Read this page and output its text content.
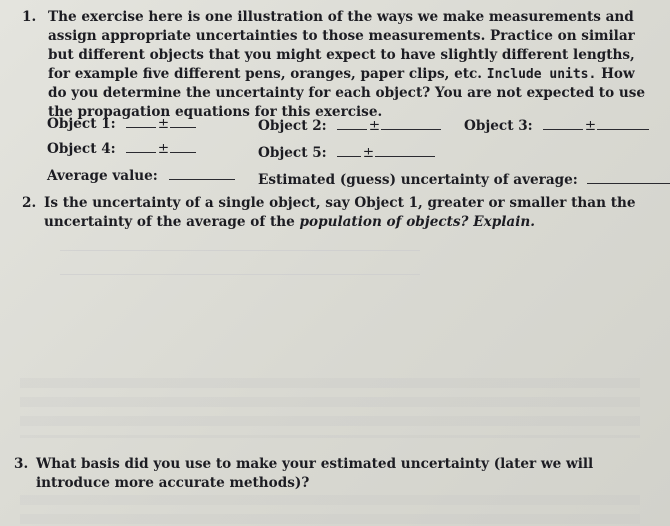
1. The exercise here is one illustration of the ways we make measurements and assign appropriate uncertainties to those measurements. Practice on similar but different objects that you might expect to have slightly different lengths, for example five different pens, oranges, paper clips, etc. Include units. How do you determine the uncertainty for each object? You are not expected to use the propagation equations for this exercise.
Object 1:	±	Object 2:	±	Object 3:	±
Object 4:	±	Object 5:	±
Average value:	Estimated (guess) uncertainty of average:
2. Is the uncertainty of a single object, say Object 1, greater or smaller than the uncertainty of the average of the population of objects? Explain.
3. What basis did you use to make your estimated uncertainty (later we will introduce more accurate methods)?
